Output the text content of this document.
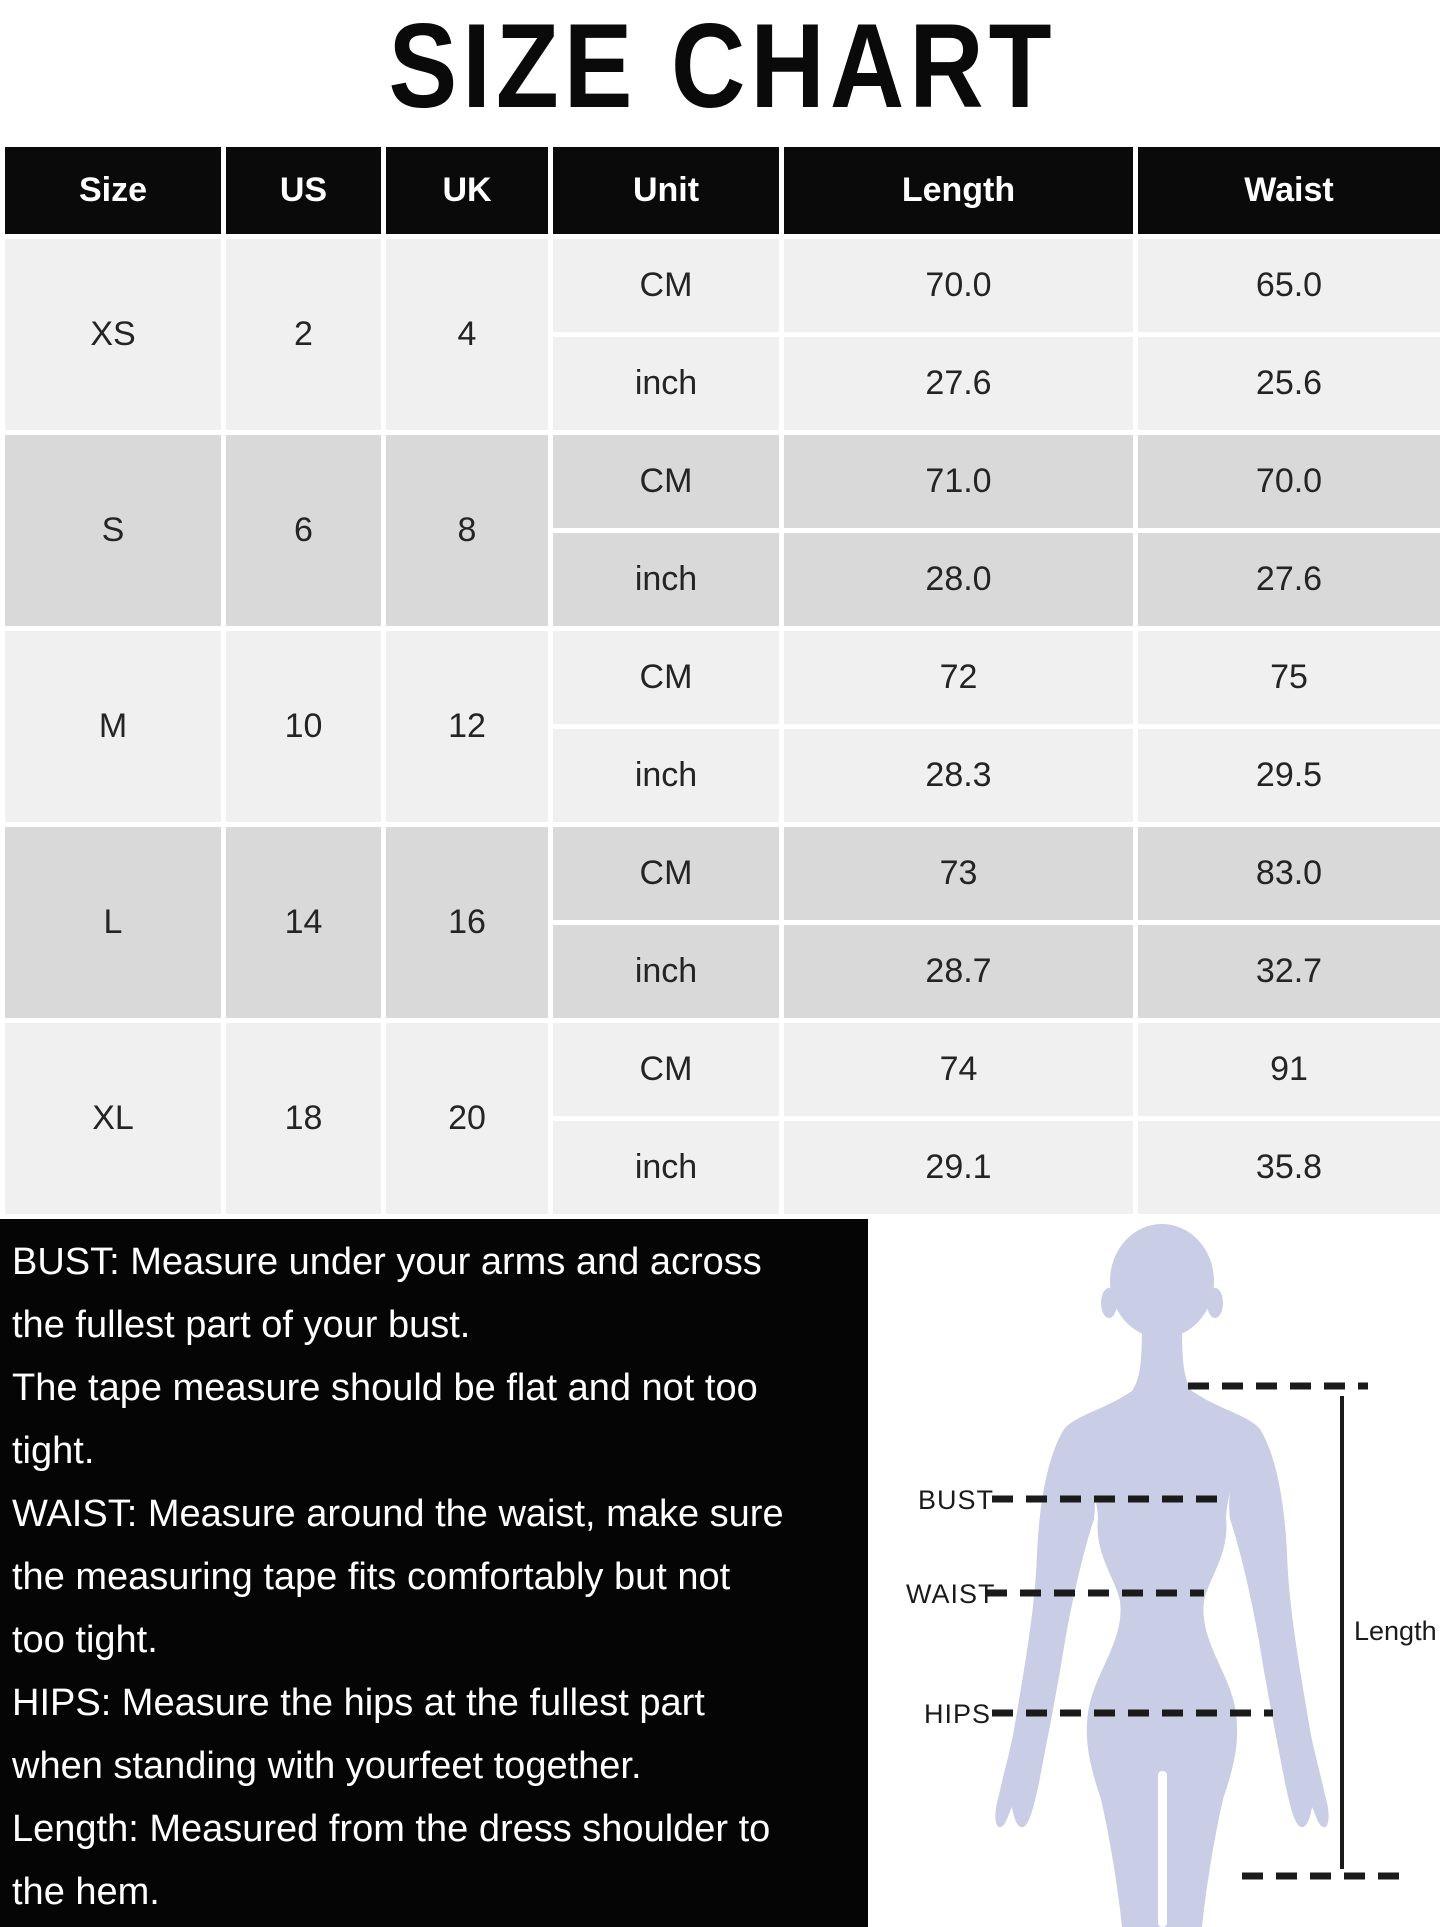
SIZE CHART
Size	US	UK	Unit	Length	Waist
XS	2	4	CM	70.0	65.0
			inch	27.6	25.6
S	6	8	CM	71.0	70.0
			inch	28.0	27.6
M	10	12	CM	72	75
			inch	28.3	29.5
L	14	16	CM	73	83.0
			inch	28.7	32.7
XL	18	20	CM	74	91
			inch	29.1	35.8
BUST: Measure under your arms and across
the fullest part of your bust.
The tape measure should be flat and not too
tight.
WAIST: Measure around the waist, make sure
the measuring tape fits comfortably but not
too tight.
HIPS: Measure the hips at the fullest part
when standing with yourfeet together.
Length: Measured from the dress shoulder to
the hem.
BUST
WAIST
HIPS
Length
